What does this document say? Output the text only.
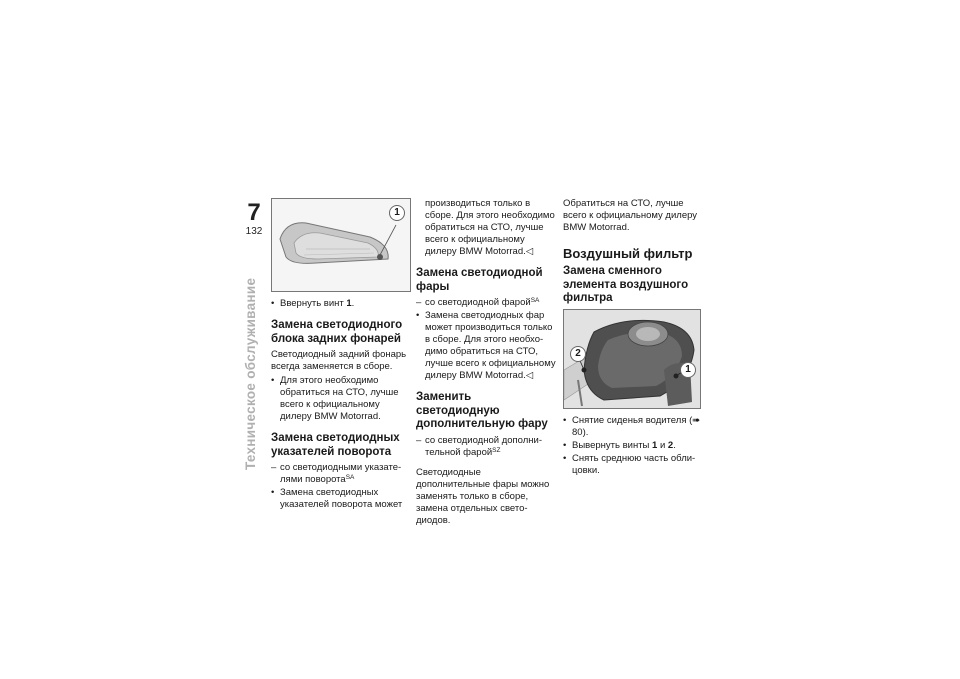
7
132
Техническое обслуживание
1
• Ввернуть винт 1.
Замена светодиодного блока задних фонарей

Светодиодный задний фонарь всегда заменяется в сборе.

• Для этого необходимо обратиться на СТО, лучше всего к официальному дилеру BMW Motorrad.
Замена светодиодных указателей поворота
– со светодиодными указате-лями поворота$^{SA}$
• Замена светодиодных указателей поворота может
производиться только в сборе. Для этого необходимо обратиться на СТО, лучше всего к официальному дилеру BMW Motorrad.◁
Замена светодиодной фары
– со светодиодной фарой$^{SA}$
• Замена светодиодных фар может производиться только в сборе. Для этого необхо-димо обратиться на СТО, лучше всего к официальному дилеру BMW Motorrad.◁
Заменить светодиодную дополнительную фару
– со светодиодной дополни-тельной фарой$^{SZ}$

Светодиодные дополнительные фары можно заменять только в сборе, замена отдельных свето-диодов.

Обратиться на СТО, лучше всего к официальному дилеру BMW Motorrad.

Воздушный фильтр
Замена сменного элемента воздушного фильтра
2
1
• Снятие сиденья водителя (➠ 80).
• Вывернуть винты 1 и 2.
• Снять среднюю часть обли-цовки.
